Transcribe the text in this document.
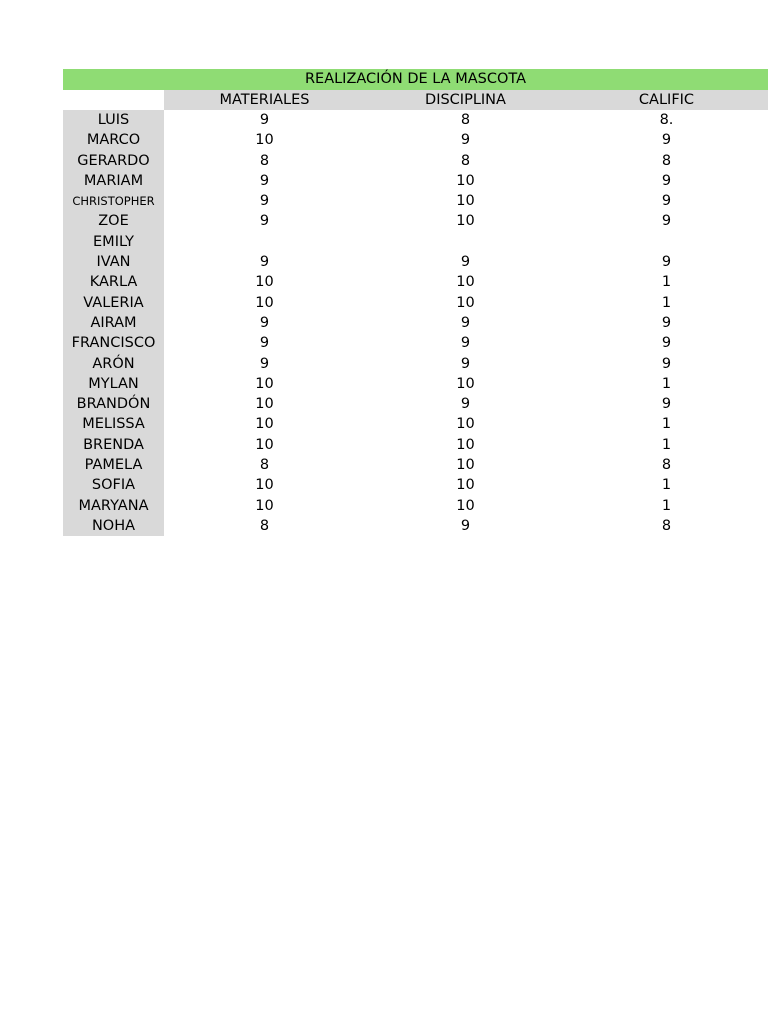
REALIZACIÓN DE LA MASCOTA
MATERIALES	DISCIPLINA	CALIFIC
LUIS	9	8	8.
MARCO	10	9	9
GERARDO	8	8	8
MARIAM	9	10	9
CHRISTOPHER	9	10	9
ZOE	9	10	9
EMILY
IVAN	9	9	9
KARLA	10	10	1
VALERIA	10	10	1
AIRAM	9	9	9
FRANCISCO	9	9	9
ARÓN	9	9	9
MYLAN	10	10	1
BRANDÓN	10	9	9
MELISSA	10	10	1
BRENDA	10	10	1
PAMELA	8	10	8
SOFIA	10	10	1
MARYANA	10	10	1
NOHA	8	9	8
